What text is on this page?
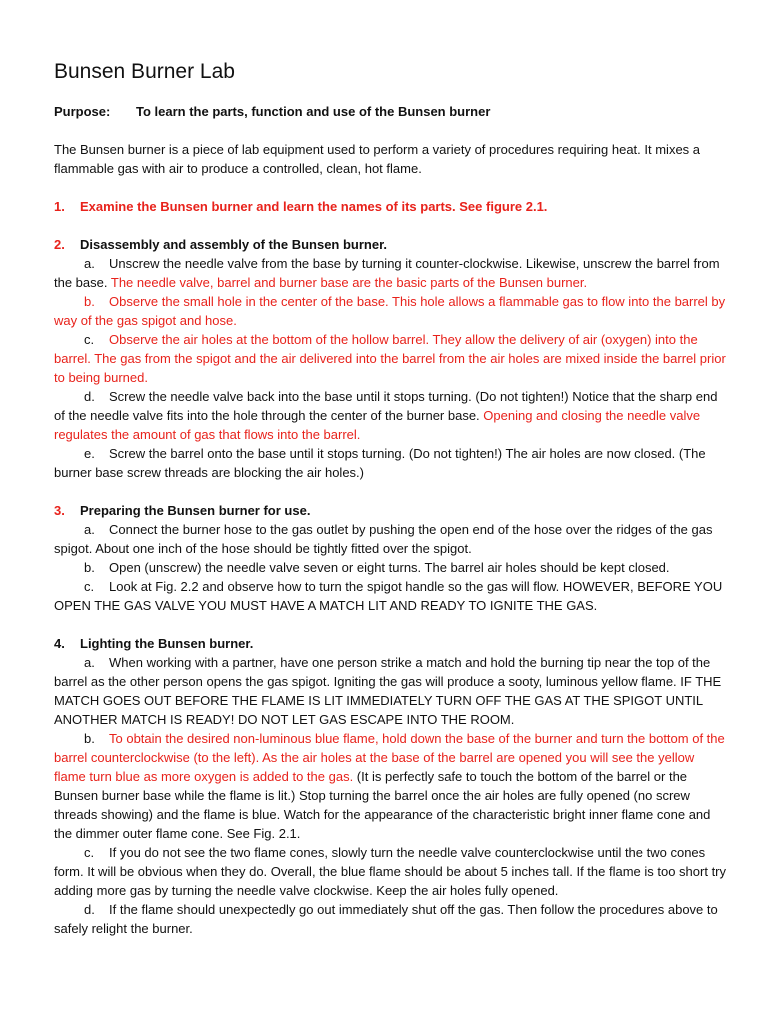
Bunsen Burner Lab

Purpose: To learn the parts, function and use of the Bunsen burner

The Bunsen burner is a piece of lab equipment used to perform a variety of procedures requiring heat. It mixes a flammable gas with air to produce a controlled, clean, hot flame.

1. Examine the Bunsen burner and learn the names of its parts. See figure 2.1.

2. Disassembly and assembly of the Bunsen burner.

a. Unscrew the needle valve from the base by turning it counter-clockwise. Likewise, unscrew the barrel from the base. The needle valve, barrel and burner base are the basic parts of the Bunsen burner.

b. Observe the small hole in the center of the base. This hole allows a flammable gas to flow into the barrel by way of the gas spigot and hose.

c. Observe the air holes at the bottom of the hollow barrel. They allow the delivery of air (oxygen) into the barrel. The gas from the spigot and the air delivered into the barrel from the air holes are mixed inside the barrel prior to being burned.

d. Screw the needle valve back into the base until it stops turning. (Do not tighten!) Notice that the sharp end of the needle valve fits into the hole through the center of the burner base. Opening and closing the needle valve regulates the amount of gas that flows into the barrel.

e. Screw the barrel onto the base until it stops turning. (Do not tighten!) The air holes are now closed. (The burner base screw threads are blocking the air holes.)

3. Preparing the Bunsen burner for use.

a. Connect the burner hose to the gas outlet by pushing the open end of the hose over the ridges of the gas spigot. About one inch of the hose should be tightly fitted over the spigot.

b. Open (unscrew) the needle valve seven or eight turns. The barrel air holes should be kept closed.

c. Look at Fig. 2.2 and observe how to turn the spigot handle so the gas will flow. HOWEVER, BEFORE YOU OPEN THE GAS VALVE YOU MUST HAVE A MATCH LIT AND READY TO IGNITE THE GAS.

4. Lighting the Bunsen burner.

a. When working with a partner, have one person strike a match and hold the burning tip near the top of the barrel as the other person opens the gas spigot. Igniting the gas will produce a sooty, luminous yellow flame. IF THE MATCH GOES OUT BEFORE THE FLAME IS LIT IMMEDIATELY TURN OFF THE GAS AT THE SPIGOT UNTIL ANOTHER MATCH IS READY! DO NOT LET GAS ESCAPE INTO THE ROOM.

b. To obtain the desired non-luminous blue flame, hold down the base of the burner and turn the bottom of the barrel counterclockwise (to the left). As the air holes at the base of the barrel are opened you will see the yellow flame turn blue as more oxygen is added to the gas. (It is perfectly safe to touch the bottom of the barrel or the Bunsen burner base while the flame is lit.) Stop turning the barrel once the air holes are fully opened (no screw threads showing) and the flame is blue. Watch for the appearance of the characteristic bright inner flame cone and the dimmer outer flame cone. See Fig. 2.1.

c. If you do not see the two flame cones, slowly turn the needle valve counterclockwise until the two cones form. It will be obvious when they do. Overall, the blue flame should be about 5 inches tall. If the flame is too short try adding more gas by turning the needle valve clockwise. Keep the air holes fully opened.

d. If the flame should unexpectedly go out immediately shut off the gas. Then follow the procedures above to safely relight the burner.
